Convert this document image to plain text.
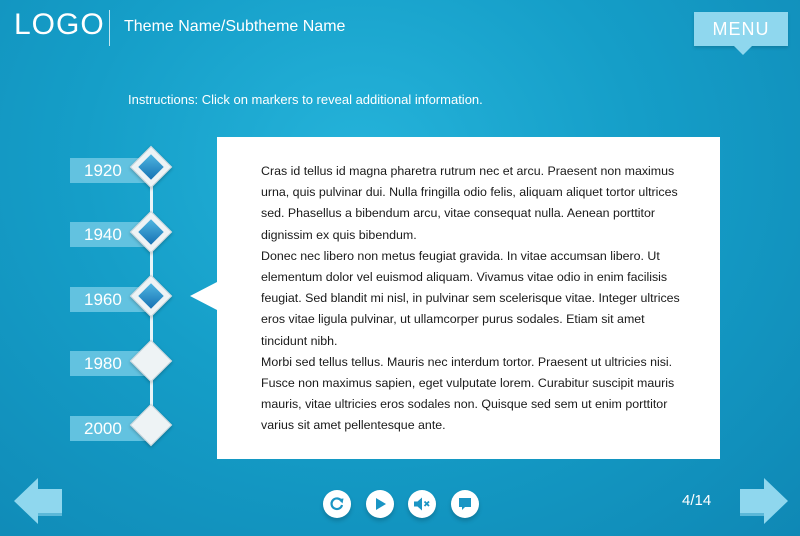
LOGO Theme Name/Subtheme Name	MENU
Instructions: Click on markers to reveal additional information.
1920
1940
1960
1980
2000

Cras id tellus id magna pharetra rutrum nec et arcu. Praesent non maximus urna, quis pulvinar dui. Nulla fringilla odio felis, aliquam aliquet tortor ultrices sed. Phasellus a bibendum arcu, vitae consequat nulla. Aenean porttitor dignissim ex quis bibendum.

Donec nec libero non metus feugiat gravida. In vitae accumsan libero. Ut elementum dolor vel euismod aliquam. Vivamus vitae odio in enim facilisis feugiat. Sed blandit mi nisl, in pulvinar sem scelerisque vitae. Integer ultrices eros vitae ligula pulvinar, ut ullamcorper purus sodales. Etiam sit amet tincidunt nibh.

Morbi sed tellus tellus. Mauris nec interdum tortor. Praesent ut ultricies nisi. Fusce non maximus sapien, eget vulputate lorem. Curabitur suscipit mauris mauris, vitae ultricies eros sodales non. Quisque sed sem ut enim porttitor varius sit amet pellentesque ante.

4/14
